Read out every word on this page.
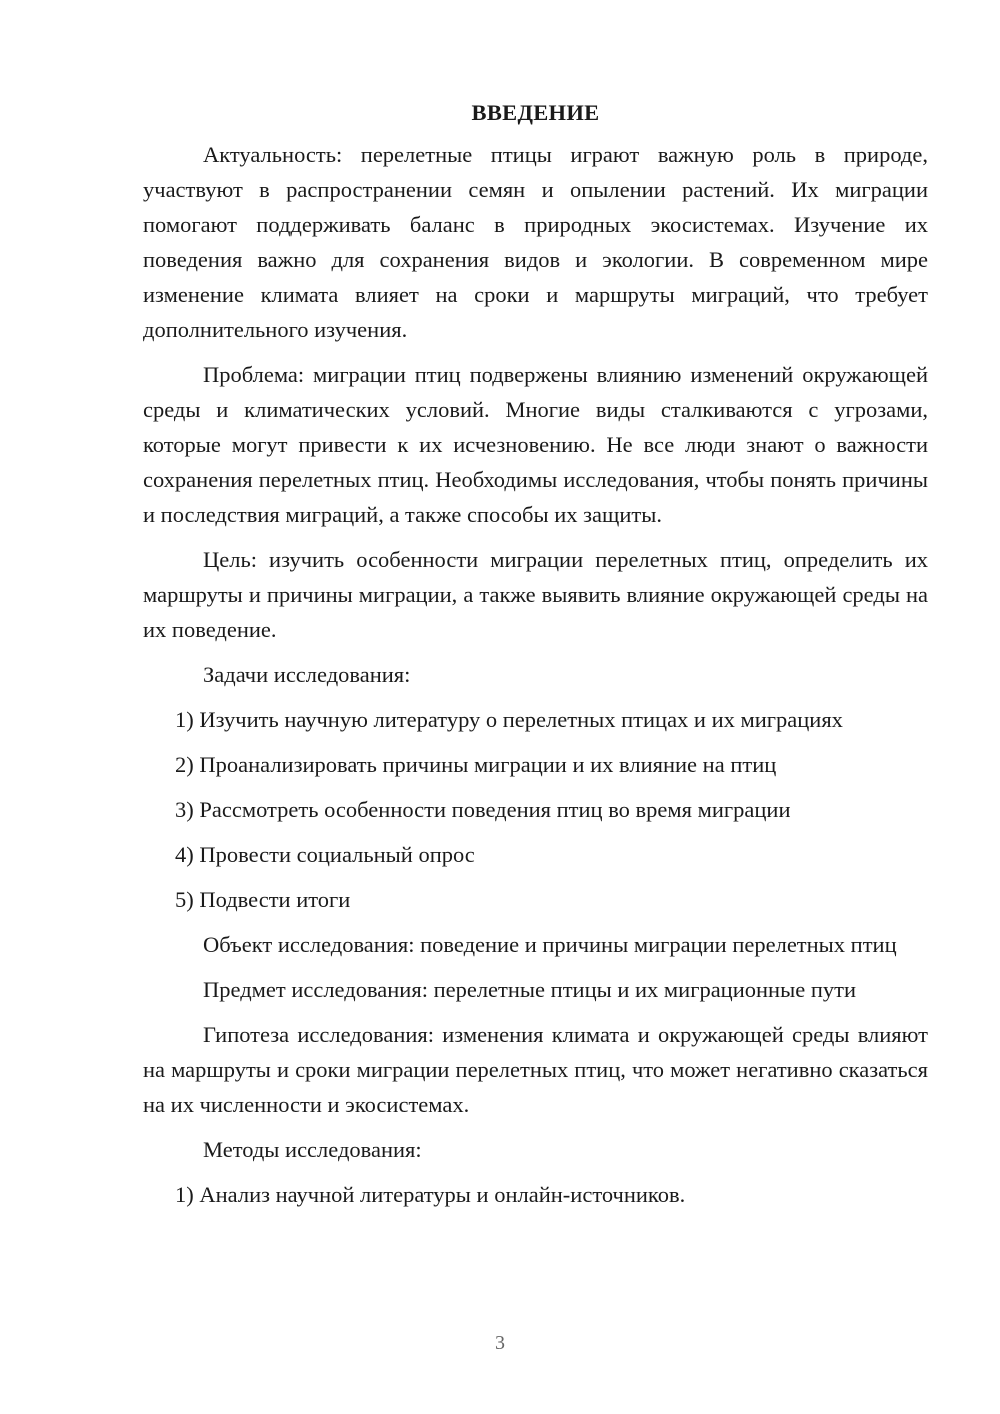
ВВЕДЕНИЕ

Актуальность: перелетные птицы играют важную роль в природе, участвуют в распространении семян и опылении растений. Их миграции помогают поддерживать баланс в природных экосистемах. Изучение их поведения важно для сохранения видов и экологии. В современном мире изменение климата влияет на сроки и маршруты миграций, что требует дополнительного изучения.

Проблема: миграции птиц подвержены влиянию изменений окружающей среды и климатических условий. Многие виды сталкиваются с угрозами, которые могут привести к их исчезновению. Не все люди знают о важности сохранения перелетных птиц. Необходимы исследования, чтобы понять причины и последствия миграций, а также способы их защиты.

Цель: изучить особенности миграции перелетных птиц, определить их маршруты и причины миграции, а также выявить влияние окружающей среды на их поведение.

Задачи исследования:
1) Изучить научную литературу о перелетных птицах и их миграциях
2) Проанализировать причины миграции и их влияние на птиц
3) Рассмотреть особенности поведения птиц во время миграции
4) Провести социальный опрос
5) Подвести итоги

Объект исследования: поведение и причины миграции перелетных птиц

Предмет исследования: перелетные птицы и их миграционные пути

Гипотеза исследования: изменения климата и окружающей среды влияют на маршруты и сроки миграции перелетных птиц, что может негативно сказаться на их численности и экосистемах.

Методы исследования:
1) Анализ научной литературы и онлайн-источников.
3
